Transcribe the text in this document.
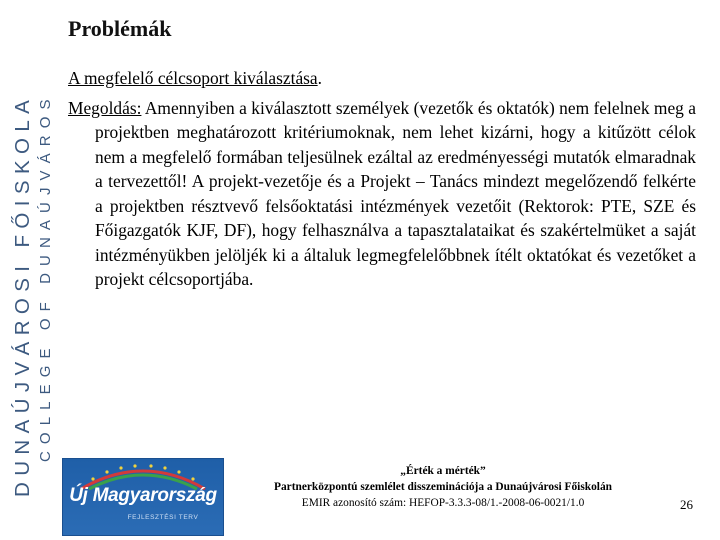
DUNAÚJVÁROSI FŐISKOLA COLLEGE OF DUNAÚJVÁROS
Problémák
A megfelelő célcsoport kiválasztása.
Megoldás: Amennyiben a kiválasztott személyek (vezetők és oktatók) nem felelnek meg a projektben meghatározott kritériumoknak, nem lehet kizárni, hogy a kitűzött célok nem a megfelelő formában teljesülnek ezáltal az eredményességi mutatók elmaradnak a tervezettől! A projekt-vezetője és a Projekt – Tanács mindezt megelőzendő felkérte a projektben résztvevő felsőoktatási intézmények vezetőit (Rektorok: PTE, SZE és Főigazgatók KJF, DF), hogy felhasználva a tapasztalataikat és szakértelmüket a saját intézményükben jelöljék ki a általuk legmegfelelőbbnek ítélt oktatókat és vezetőket a projekt célcsoportjába.
Új Magyarország
FEJLESZTÉSI TERV
„Érték a mérték”
Partnerközpontú szemlélet disszeminációja a Dunaújvárosi Főiskolán
EMIR azonosító szám: HEFOP-3.3.3-08/1.-2008-06-0021/1.0	26
